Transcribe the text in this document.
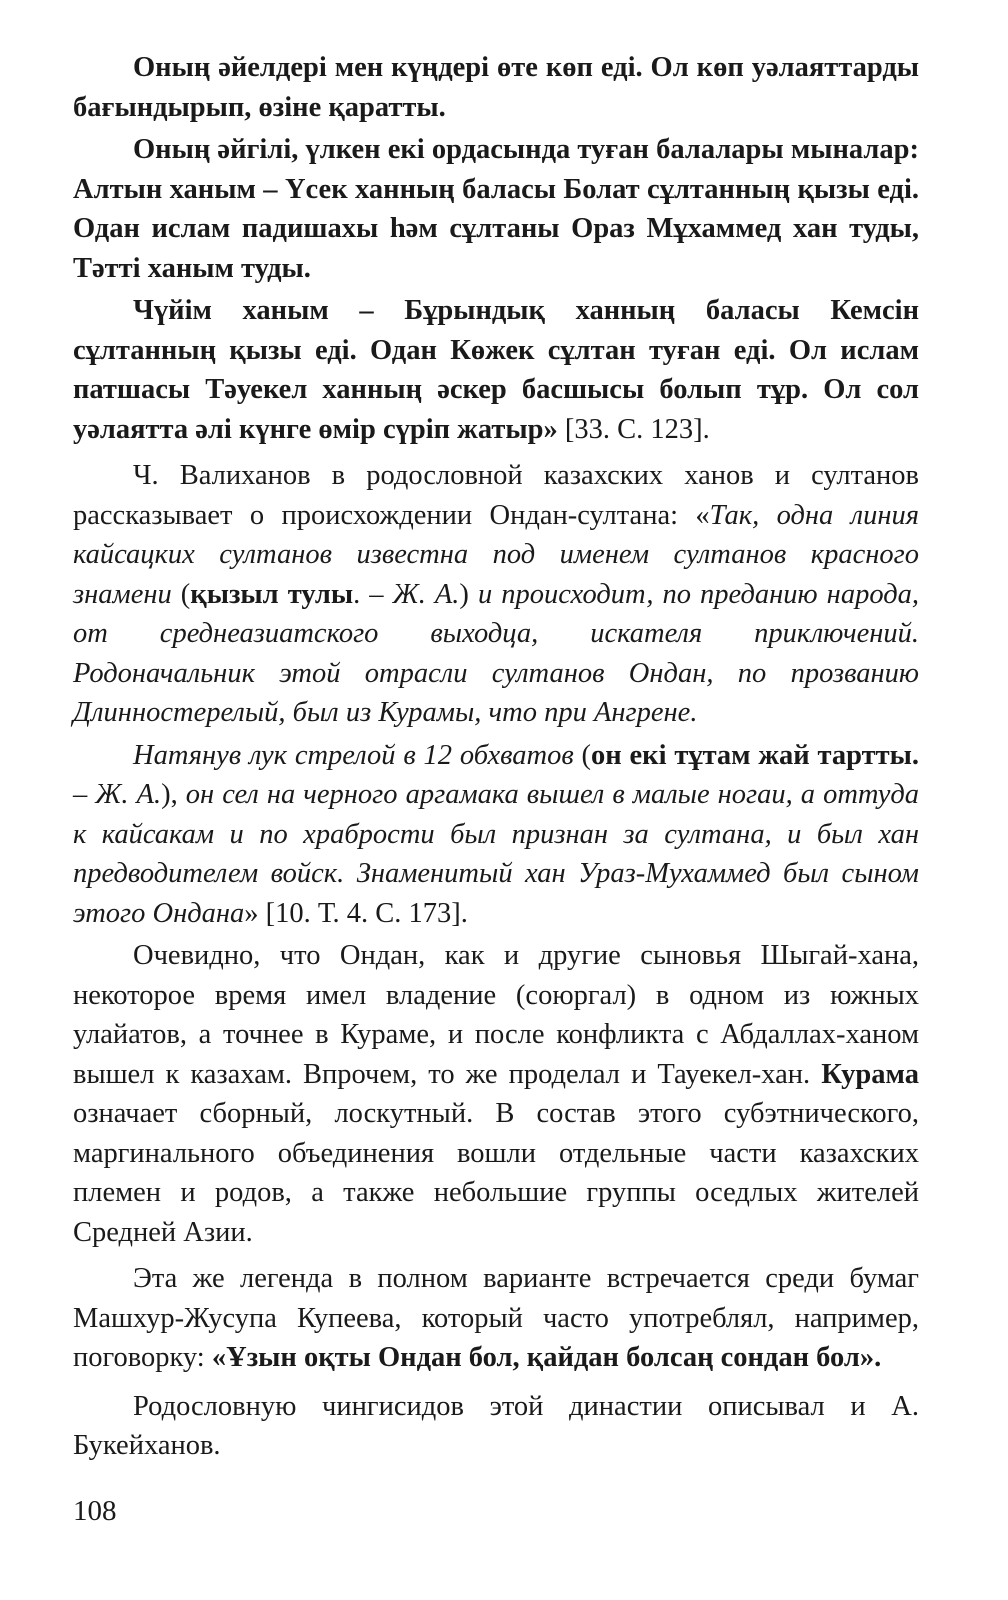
Оның әйелдері мен күңдері өте көп еді. Ол көп уәлаяттарды бағындырып, өзіне қаратты.

Оның әйгілі, үлкен екі ордасында туған балалары мыналар: Алтын ханым – Үсек ханның баласы Болат сұлтанның қызы еді. Одан ислам падишахы һәм сұлтаны Ораз Мұхаммед хан туды, Тәтті ханым туды.

Чүйім ханым – Бұрындық ханның баласы Кемсін сұлтанның қызы еді. Одан Көжек сұлтан туған еді. Ол ислам патшасы Тәуекел ханның әскер басшысы болып тұр. Ол сол уәлаятта әлі күнге өмір сүріп жатыр» [33. С. 123].

Ч. Валиханов в родословной казахских ханов и султанов рассказывает о происхождении Ондан-султана: «Так, одна линия кайсацких султанов известна под именем султанов красного знамени (қызыл тулы. – Ж. А.) и происходит, по преданию народа, от среднеазиатского выходца, искателя приключений. Родоначальник этой отрасли султанов Ондан, по прозванию Длинностерелый, был из Курамы, что при Ангрене.

Натянув лук стрелой в 12 обхватов (он екі тұтам жай тартты. – Ж. А.), он сел на черного аргамака вышел в малые ногаи, а оттуда к кайсакам и по храбрости был признан за султана, и был хан предводителем войск. Знаменитый хан Ураз-Мухаммед был сыном этого Ондана» [10. Т. 4. С. 173].

Очевидно, что Ондан, как и другие сыновья Шыгай-хана, некоторое время имел владение (союргал) в одном из южных улайатов, а точнее в Кураме, и после конфликта с Абдаллах-ханом вышел к казахам. Впрочем, то же проделал и Тауекел-хан. Курама означает сборный, лоскутный. В состав этого субэтнического, маргинального объединения вошли отдельные части казахских племен и родов, а также небольшие группы оседлых жителей Средней Азии.

Эта же легенда в полном варианте встречается среди бумаг Машхур-Жусупа Купеева, который часто употреблял, например, поговорку: «Ұзын оқты Ондан бол, қайдан болсаң сондан бол».

Родословную чингисидов этой династии описывал и А. Букейханов.

108
